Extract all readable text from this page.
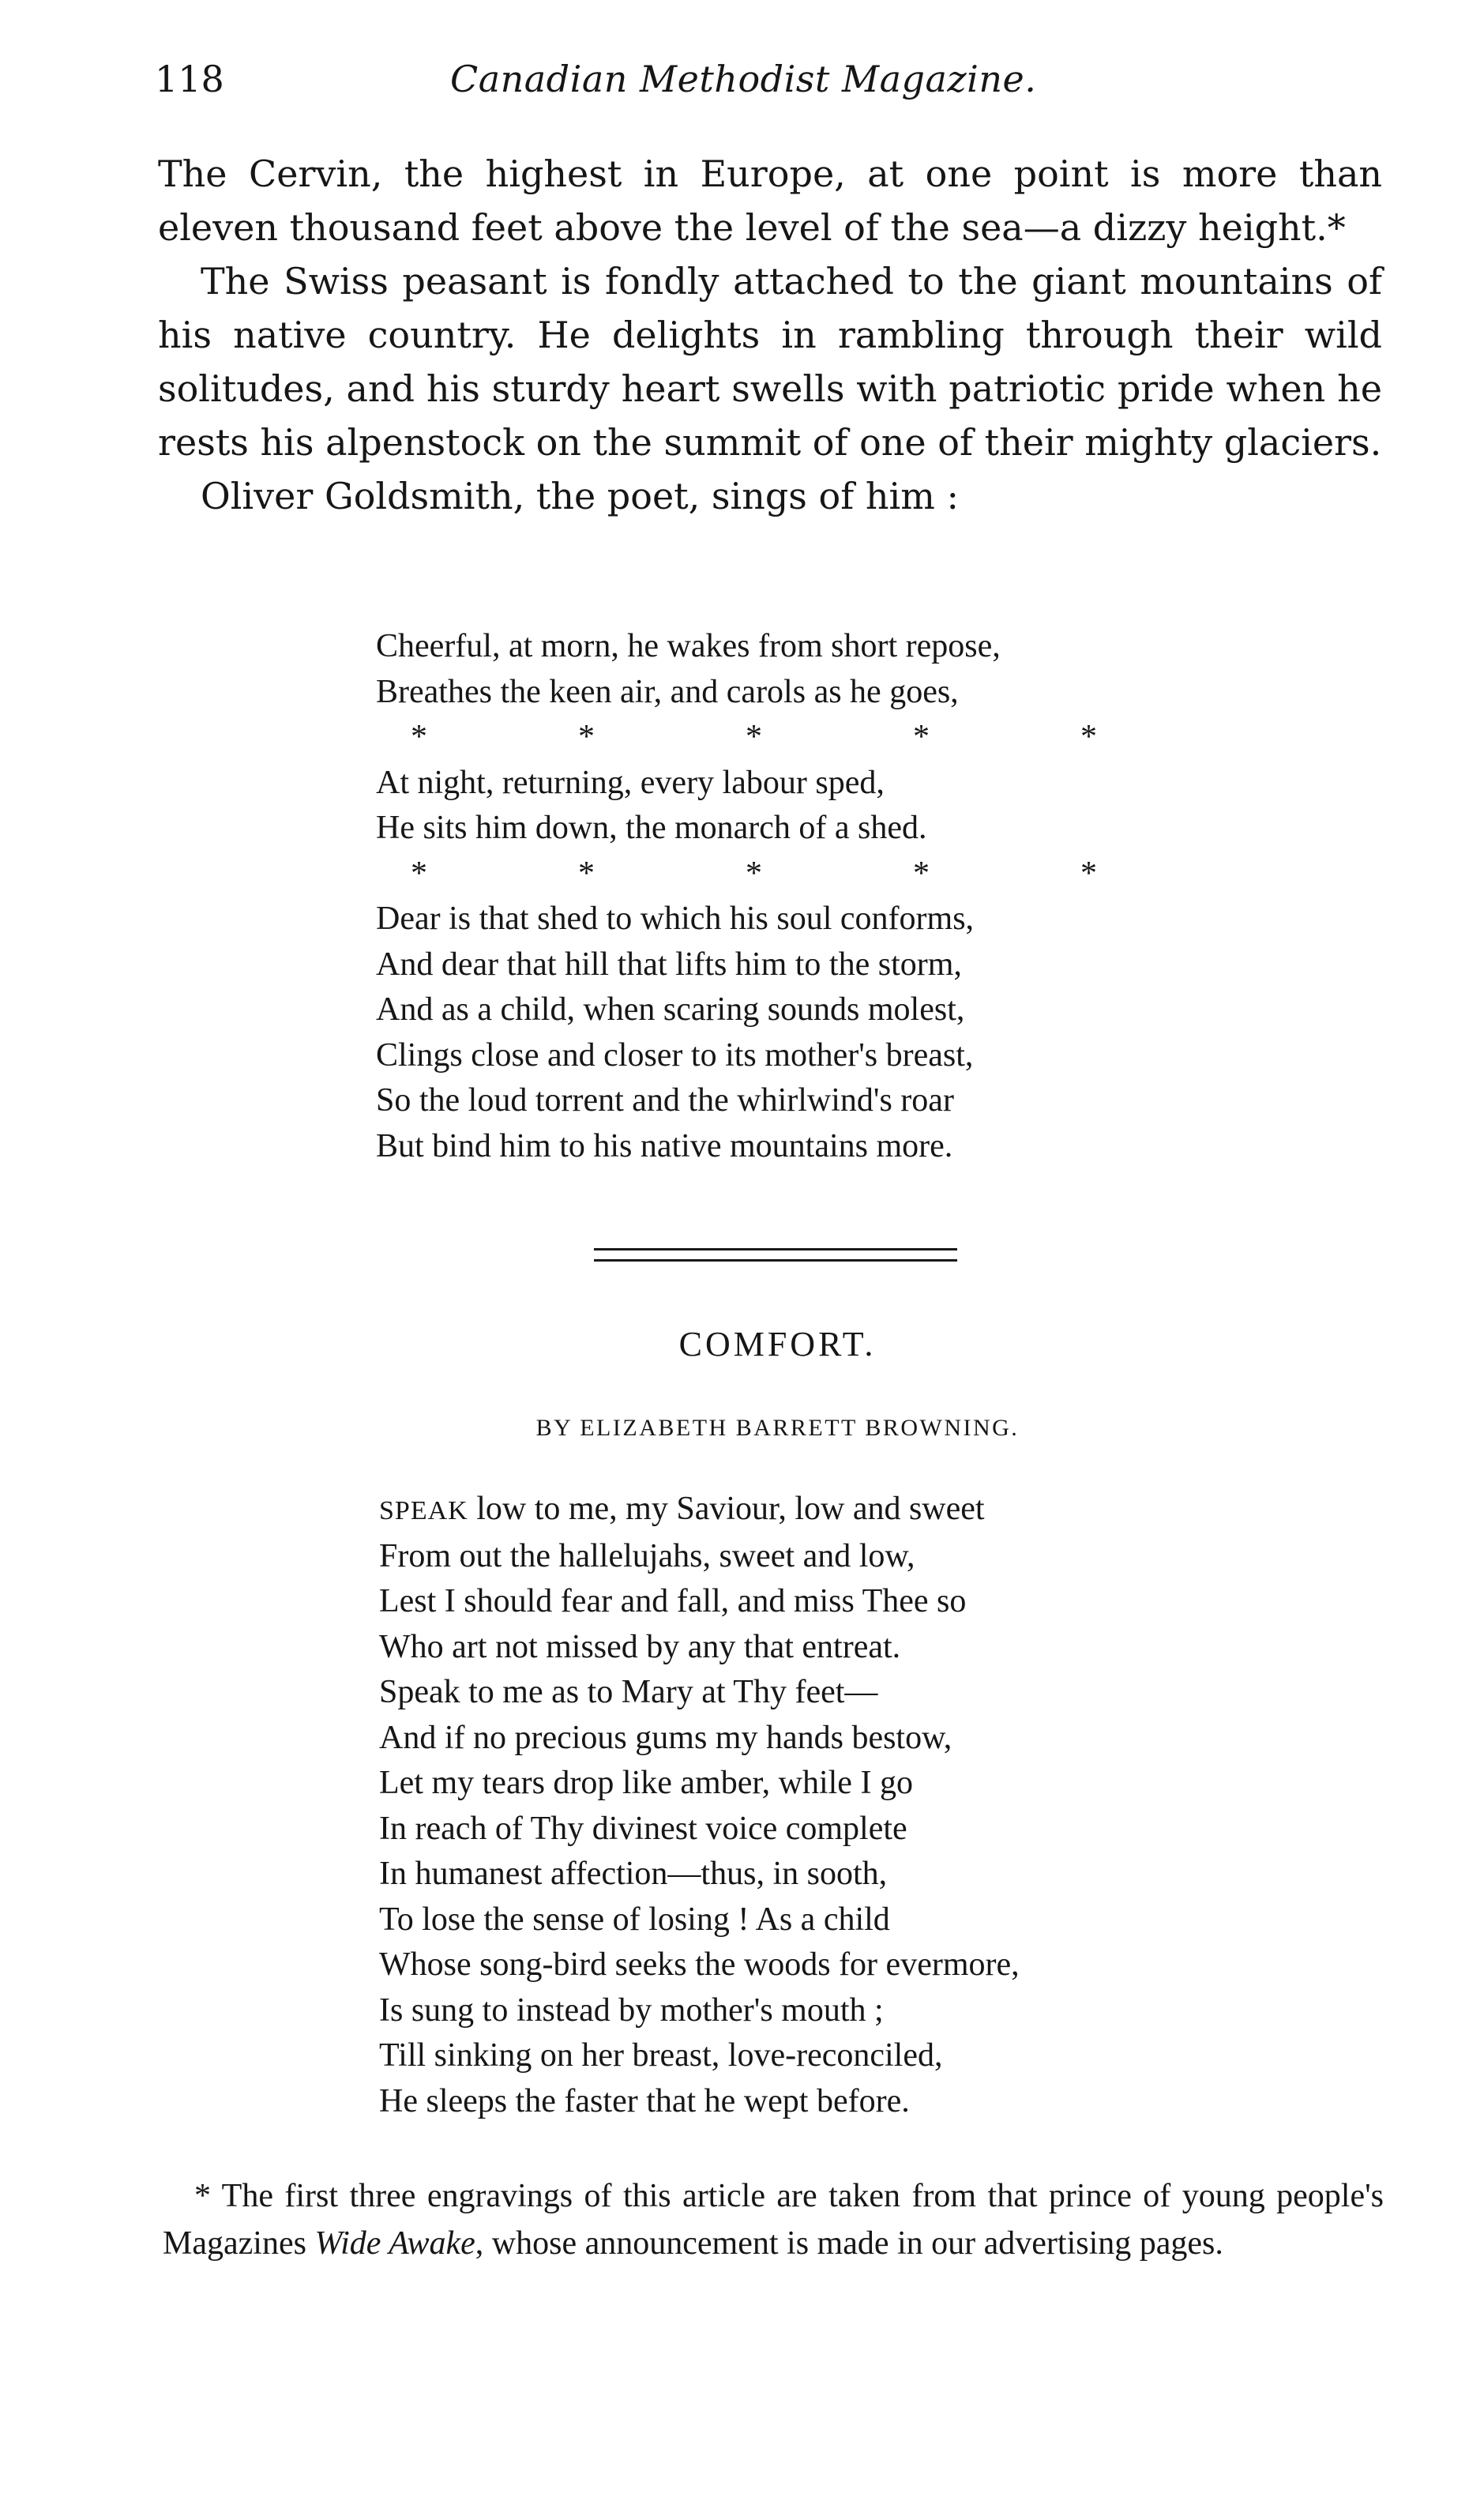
118	Canadian Methodist Magazine.

The Cervin, the highest in Europe, at one point is more than eleven thousand feet above the level of the sea—a dizzy height.*

The Swiss peasant is fondly attached to the giant mountains of his native country. He delights in rambling through their wild solitudes, and his sturdy heart swells with patriotic pride when he rests his alpenstock on the summit of one of their mighty glaciers.

Oliver Goldsmith, the poet, sings of him :

Cheerful, at morn, he wakes from short repose,
Breathes the keen air, and carols as he goes,
*	*	*	*	*
At night, returning, every labour sped,
He sits him down, the monarch of a shed.
*	*	*	*	*
Dear is that shed to which his soul conforms,
And dear that hill that lifts him to the storm,
And as a child, when scaring sounds molest,
Clings close and closer to its mother's breast,
So the loud torrent and the whirlwind's roar
But bind him to his native mountains more.
COMFORT.
BY ELIZABETH BARRETT BROWNING.
SPEAK low to me, my Saviour, low and sweet
From out the hallelujahs, sweet and low,
Lest I should fear and fall, and miss Thee so
Who art not missed by any that entreat.
Speak to me as to Mary at Thy feet—
And if no precious gums my hands bestow,
Let my tears drop like amber, while I go
In reach of Thy divinest voice complete
In humanest affection—thus, in sooth,
To lose the sense of losing ! As a child
Whose song-bird seeks the woods for evermore,
Is sung to instead by mother's mouth ;
Till sinking on her breast, love-reconciled,
He sleeps the faster that he wept before.

* The first three engravings of this article are taken from that prince of young people's Magazines Wide Awake, whose announcement is made in our advertising pages.
